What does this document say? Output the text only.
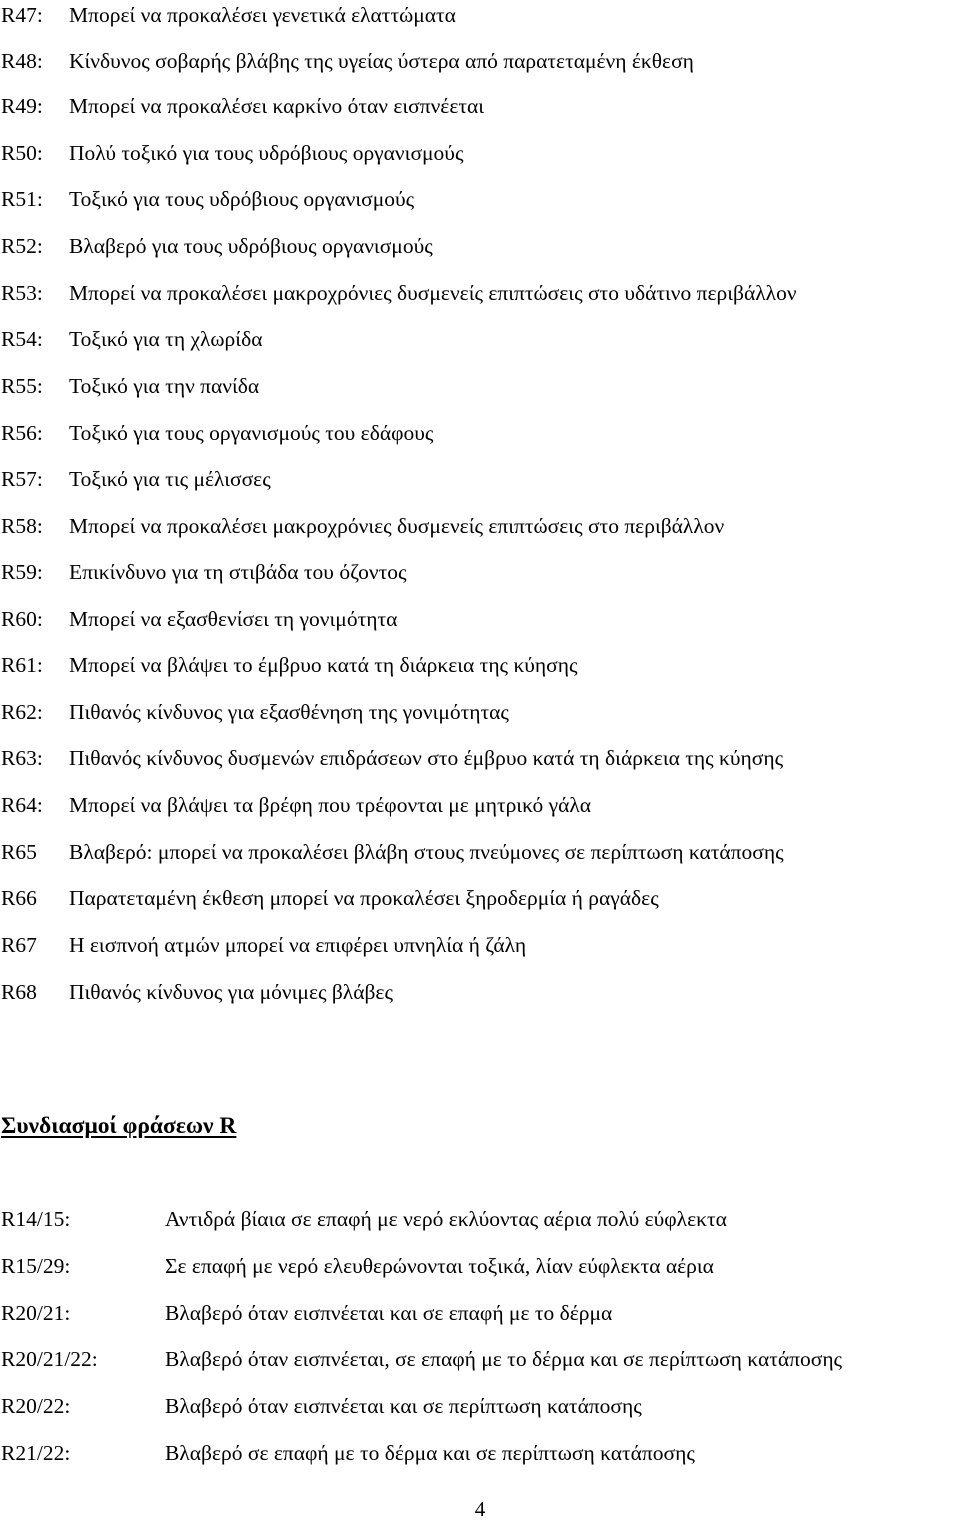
R47: Μπορεί να προκαλέσει γενετικά ελαττώματα
R48: Κίνδυνος σοβαρής βλάβης της υγείας ύστερα από παρατεταμένη έκθεση
R49: Μπορεί να προκαλέσει καρκίνο όταν εισπνέεται
R50: Πολύ τοξικό για τους υδρόβιους οργανισμούς
R51: Τοξικό για τους υδρόβιους οργανισμούς
R52: Βλαβερό για τους υδρόβιους οργανισμούς
R53: Μπορεί να προκαλέσει μακροχρόνιες δυσμενείς επιπτώσεις στο υδάτινο περιβάλλον
R54: Τοξικό για τη χλωρίδα
R55: Τοξικό για την πανίδα
R56: Τοξικό για τους οργανισμούς του εδάφους
R57: Τοξικό για τις μέλισσες
R58: Μπορεί να προκαλέσει μακροχρόνιες δυσμενείς επιπτώσεις στο περιβάλλον
R59: Επικίνδυνο για τη στιβάδα του όζοντος
R60: Μπορεί να εξασθενίσει τη γονιμότητα
R61: Μπορεί να βλάψει το έμβρυο κατά τη διάρκεια της κύησης
R62: Πιθανός κίνδυνος για εξασθένηση της γονιμότητας
R63: Πιθανός κίνδυνος δυσμενών επιδράσεων στο έμβρυο κατά τη διάρκεια της κύησης
R64: Μπορεί να βλάψει τα βρέφη που τρέφονται με μητρικό γάλα
R65 Βλαβερό: μπορεί να προκαλέσει βλάβη στους πνεύμονες σε περίπτωση κατάποσης
R66 Παρατεταμένη έκθεση μπορεί να προκαλέσει ξηροδερμία ή ραγάδες
R67 Η εισπνοή ατμών μπορεί να επιφέρει υπνηλία ή ζάλη
R68 Πιθανός κίνδυνος για μόνιμες βλάβες
Συνδιασμοί φράσεων R
R14/15:	Αντιδρά βίαια σε επαφή με νερό εκλύοντας αέρια πολύ εύφλεκτα
R15/29:	Σε επαφή με νερό ελευθερώνονται τοξικά, λίαν εύφλεκτα αέρια
R20/21:	Βλαβερό όταν εισπνέεται και σε επαφή με το δέρμα
R20/21/22:	Βλαβερό όταν εισπνέεται, σε επαφή με το δέρμα και σε περίπτωση κατάποσης
R20/22:	Βλαβερό όταν εισπνέεται και σε περίπτωση κατάποσης
R21/22:	Βλαβερό σε επαφή με το δέρμα και σε περίπτωση κατάποσης
4
